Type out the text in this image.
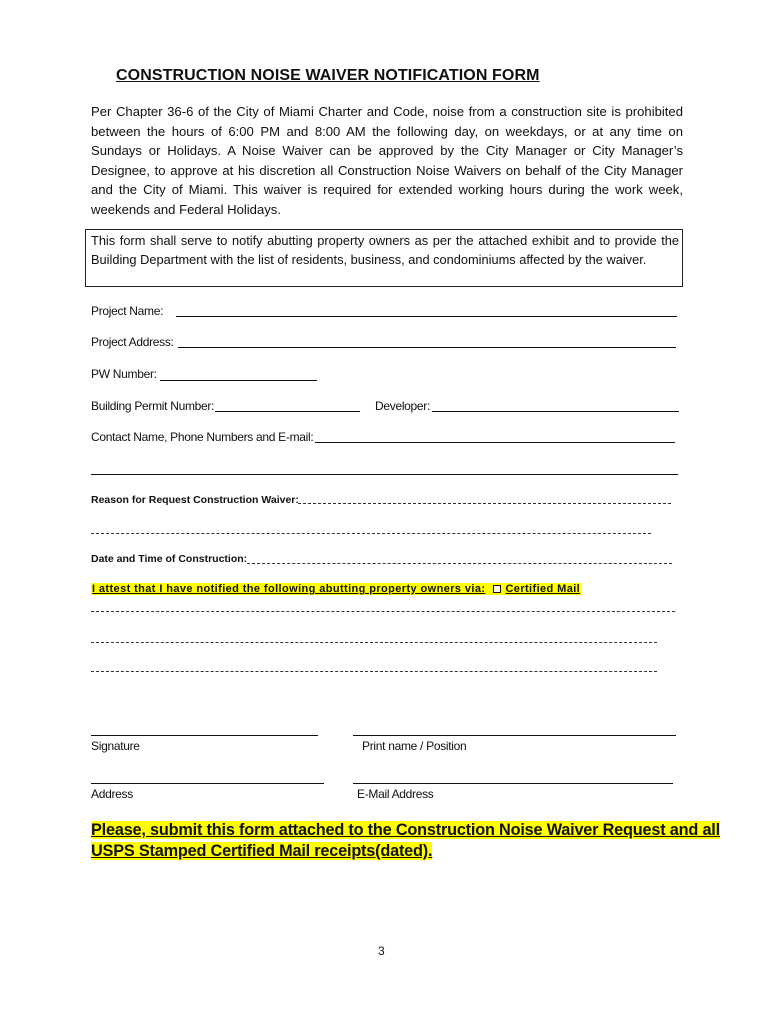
CONSTRUCTION NOISE WAIVER NOTIFICATION FORM
Per Chapter 36-6 of the City of Miami Charter and Code, noise from a construction site is prohibited between the hours of 6:00 PM and 8:00 AM the following day, on weekdays, or at any time on Sundays or Holidays. A Noise Waiver can be approved by the City Manager or City Manager’s Designee, to approve at his discretion all Construction Noise Waivers on behalf of the City Manager and the City of Miami. This waiver is required for extended working hours during the work week, weekends and Federal Holidays.
This form shall serve to notify abutting property owners as per the attached exhibit and to provide the Building Department with the list of residents, business, and condominiums affected by the waiver.
Project Name:
Project Address:
PW Number:
Building Permit Number:	Developer:
Contact Name, Phone Numbers and E-mail:
Reason for Request Construction Waiver:
Date and Time of Construction:
I attest that I have notified the following abutting property owners via: Certified Mail
Signature	Print name / Position
Address	E-Mail Address
Please, submit this form attached to the Construction Noise Waiver Request and all
USPS Stamped Certified Mail receipts(dated).
3
